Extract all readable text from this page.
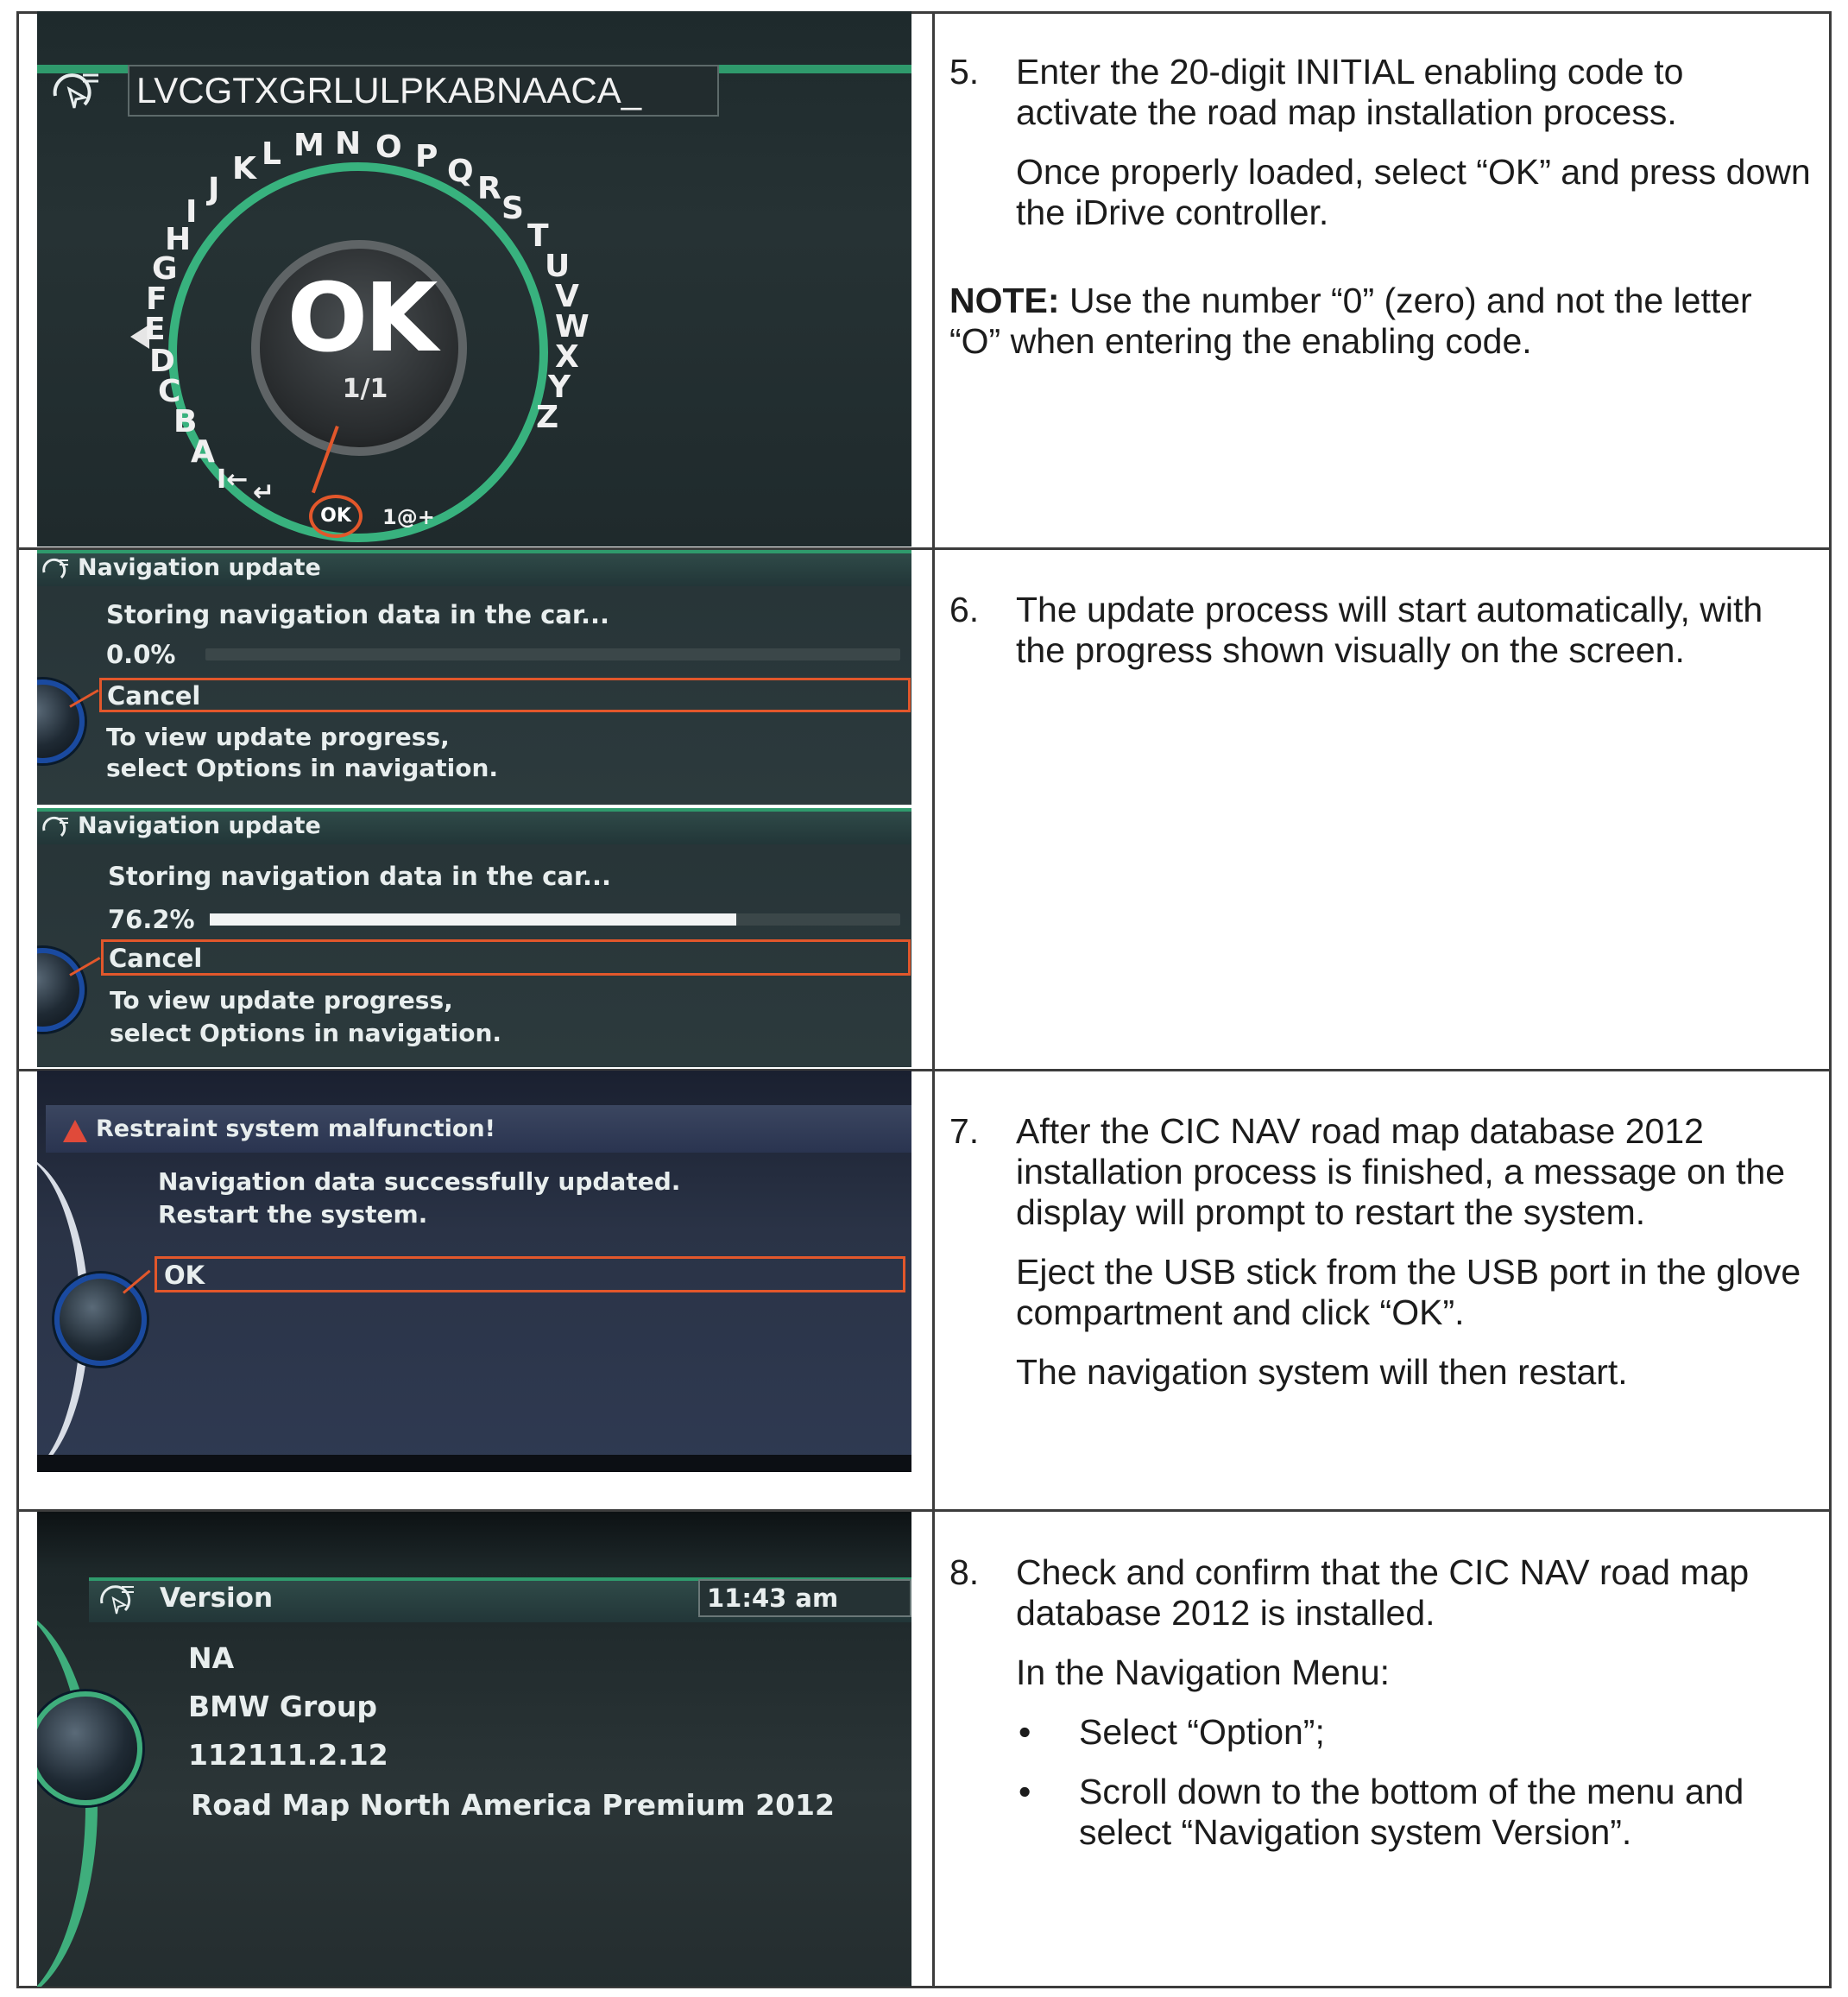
LVCGTXGRLULPKABNAACA_
OK
1/1
A
B
C
D
E
F
G
H
I
J
K L M N O P Q R
S
T
U
V
W
X
Y
Z
I← ↵
OK	1@+
Navigation update
Storing navigation data in the car...
0.0%
Cancel
To view update progress,
select Options in navigation.
Navigation update
Storing navigation data in the car...
76.2%
Cancel
To view update progress,
select Options in navigation.
Restraint system malfunction!
Navigation data successfully updated.
Restart the system.
OK
Version	11:43 am
NA
BMW Group
112111.2.12
Road Map North America Premium 2012

5. Enter the 20-digit INITIAL enabling code to activate the road map installation process.

Once properly loaded, select “OK” and press down the iDrive controller.

NOTE: Use the number “0” (zero) and not the letter “O” when entering the enabling code.

6. The update process will start automatically, with the progress shown visually on the screen.

7. After the CIC NAV road map database 2012 installation process is finished, a message on the display will prompt to restart the system.

Eject the USB stick from the USB port in the glove compartment and click “OK”.

The navigation system will then restart.

8. Check and confirm that the CIC NAV road map database 2012 is installed.

In the Navigation Menu:

• Select “Option”;

• Scroll down to the bottom of the menu and select “Navigation system Version”.
